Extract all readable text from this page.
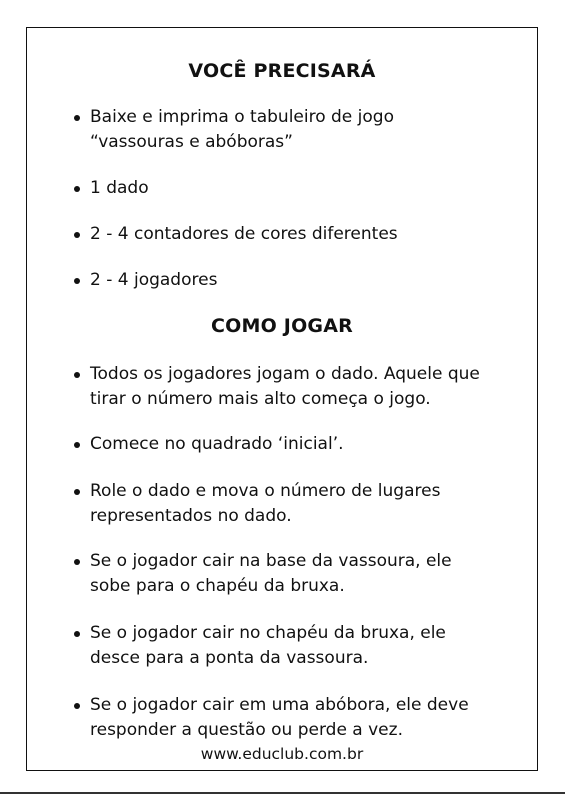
VOCÊ PRECISARÁ
Baixe e imprima o tabuleiro de jogo “vassouras e abóboras”
1 dado
2 - 4 contadores de cores diferentes
2 - 4 jogadores
COMO JOGAR
Todos os jogadores jogam o dado. Aquele que tirar o número mais alto começa o jogo.
Comece no quadrado ‘inicial’.
Role o dado e mova o número de lugares representados no dado.
Se o jogador cair na base da vassoura, ele sobe para o chapéu da bruxa.
Se o jogador cair no chapéu da bruxa, ele desce para a ponta da vassoura.
Se o jogador cair em uma abóbora, ele deve responder a questão ou perde a vez.
www.educlub.com.br
